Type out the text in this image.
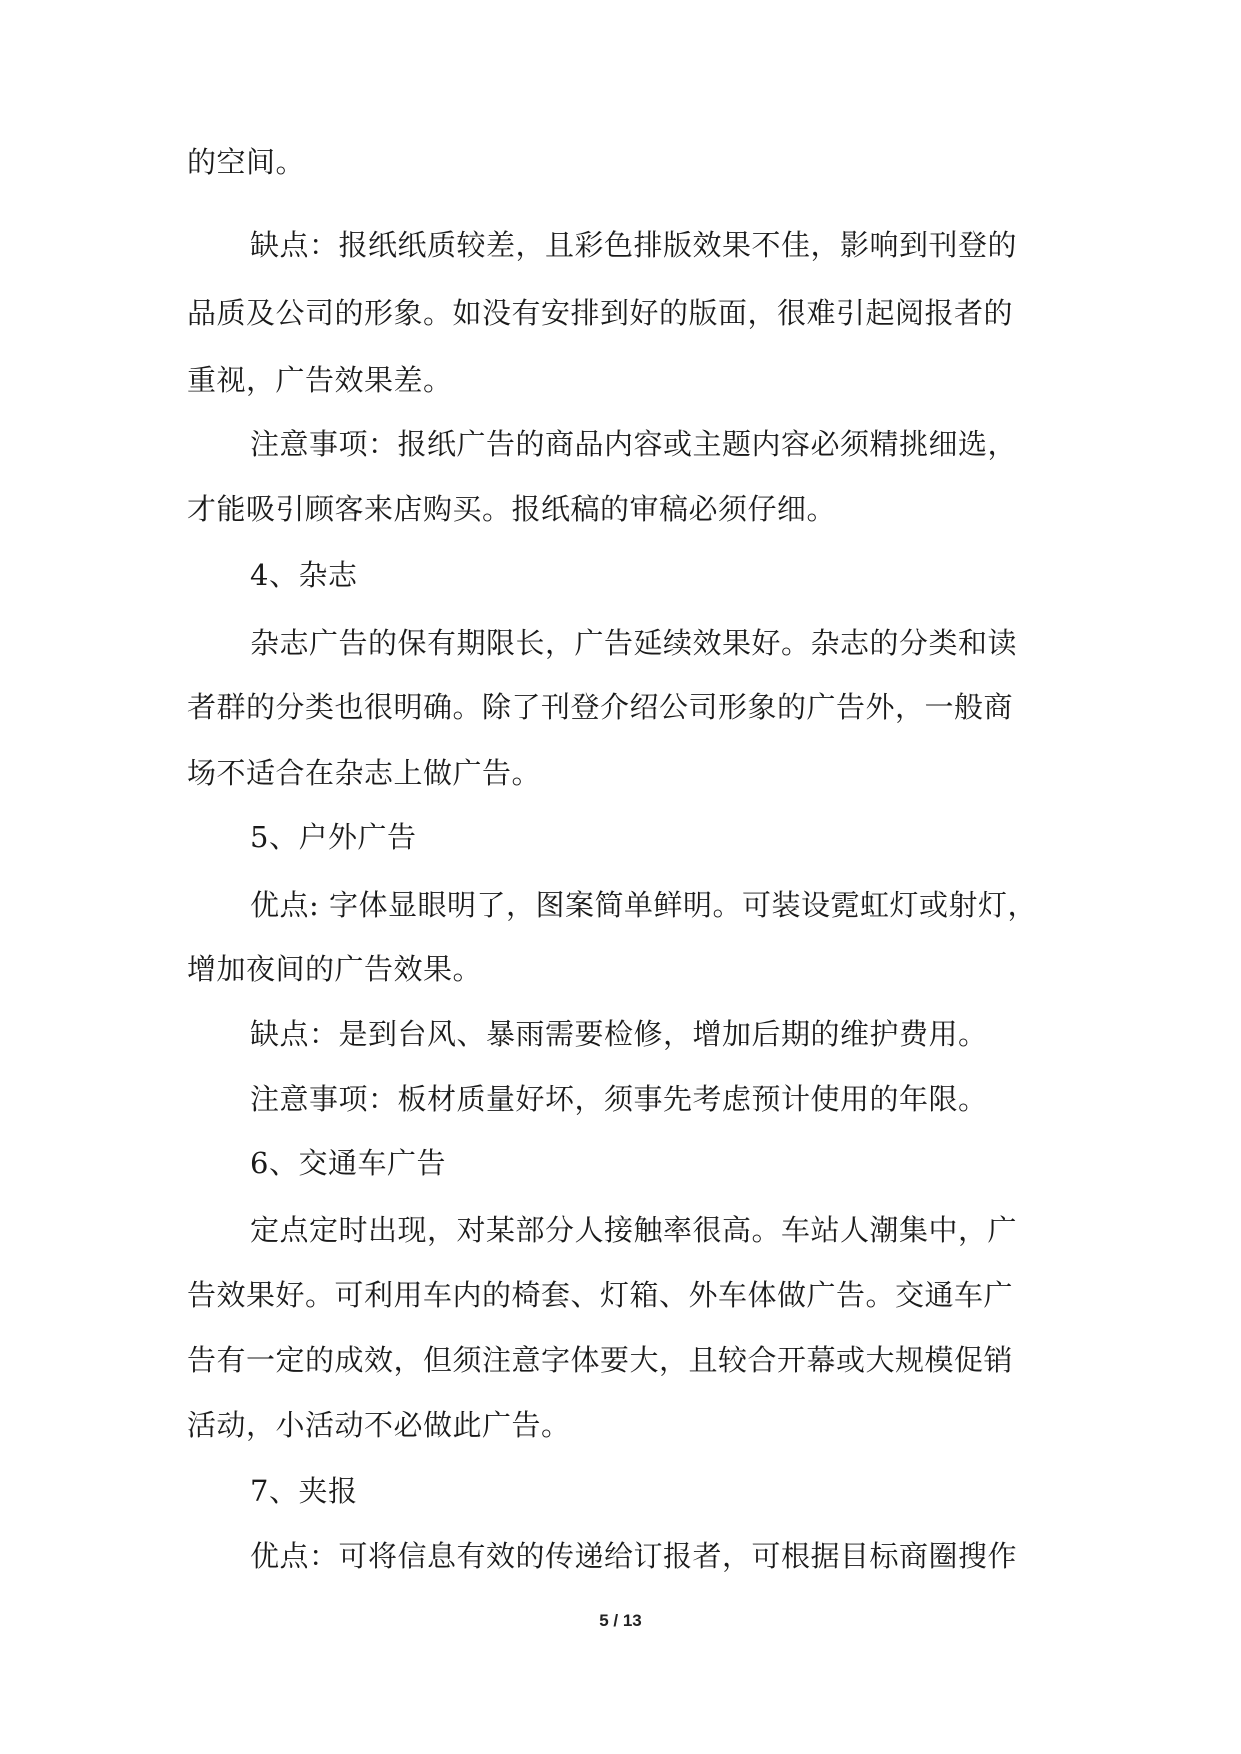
的空间。
缺点：报纸纸质较差，且彩色排版效果不佳，影响到刊登的
品质及公司的形象。如没有安排到好的版面，很难引起阅报者的
重视，广告效果差。
注意事项：报纸广告的商品内容或主题内容必须精挑细选，
才能吸引顾客来店购买。报纸稿的审稿必须仔细。
4、杂志
杂志广告的保有期限长，广告延续效果好。杂志的分类和读
者群的分类也很明确。除了刊登介绍公司形象的广告外，一般商
场不适合在杂志上做广告。
5、户外广告
优点: 字体显眼明了，图案简单鲜明。可装设霓虹灯或射灯，
增加夜间的广告效果。
缺点：是到台风、暴雨需要检修，增加后期的维护费用。
注意事项：板材质量好坏，须事先考虑预计使用的年限。
6、交通车广告
定点定时出现，对某部分人接触率很高。车站人潮集中，广
告效果好。可利用车内的椅套、灯箱、外车体做广告。交通车广
告有一定的成效，但须注意字体要大，且较合开幕或大规模促销
活动，小活动不必做此广告。
7、夹报
优点：可将信息有效的传递给订报者，可根据目标商圈搜作
5 / 13
